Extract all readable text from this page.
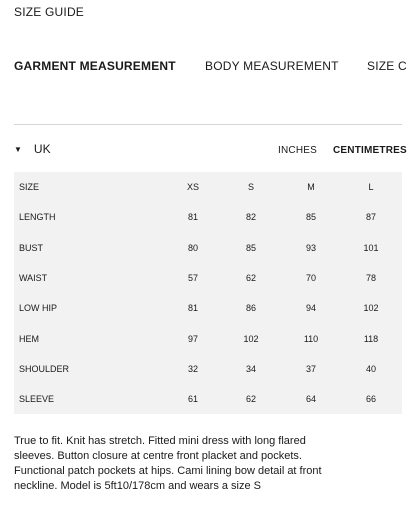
SIZE GUIDE
GARMENT MEASUREMENT BODY MEASUREMENT SIZE C
▼ UK	INCHES CENTIMETRES
SIZE	XS	S	M	L
LENGTH	81	82	85	87
BUST	80	85	93	101
WAIST	57	62	70	78
LOW HIP	81	86	94	102
HEM	97	102	110	118
SHOULDER	32	34	37	40
SLEEVE	61	62	64	66
True to fit. Knit has stretch. Fitted mini dress with long flared sleeves. Button closure at centre front placket and pockets. Functional patch pockets at hips. Cami lining bow detail at front neckline. Model is 5ft10/178cm and wears a size S
